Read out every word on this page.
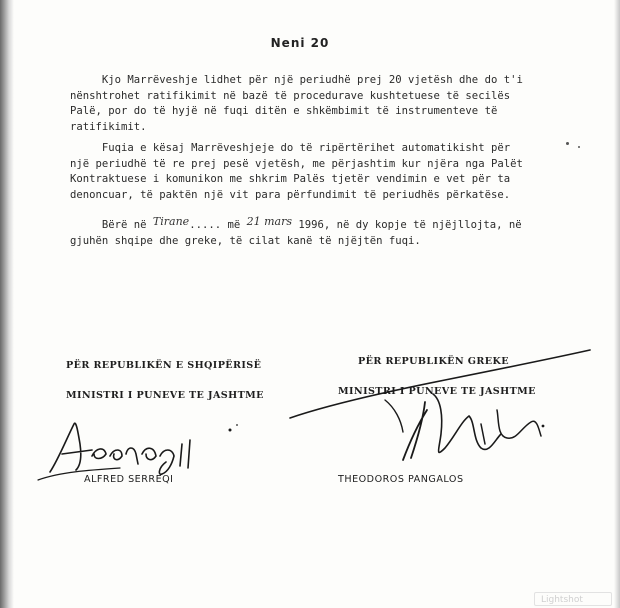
Neni 20

Kjo Marrëveshje lidhet për një periudhë prej 20 vjetësh dhe do t'i
nënshtrohet ratifikimit në bazë të procedurave kushtetuese të secilës
Palë, por do të hyjë në fuqi ditën e shkëmbimit të instrumenteve të
ratifikimit.

Fuqia e kësaj Marrëveshjeje do të ripërtërihet automatikisht për
një periudhë të re prej pesë vjetësh, me përjashtim kur njëra nga Palët
Kontraktuese i komunikon me shkrim Palës tjetër vendimin e vet për ta
denoncuar, të paktën një vit para përfundimit të periudhës përkatëse.

Bërë në Tirane..... më 21 mars 1996, në dy kopje të njëjllojta, në
gjuhën shqipe dhe greke, të cilat kanë të njëjtën fuqi.

PËR REPUBLIKËN E SHQIPËRISË
MINISTRI I PUNEVE TE JASHTME
ALFRED SERREQI
PËR REPUBLIKËN GREKE
MINISTRI I PUNEVE TE JASHTME
THEODOROS PANGALOS
Lightshot
